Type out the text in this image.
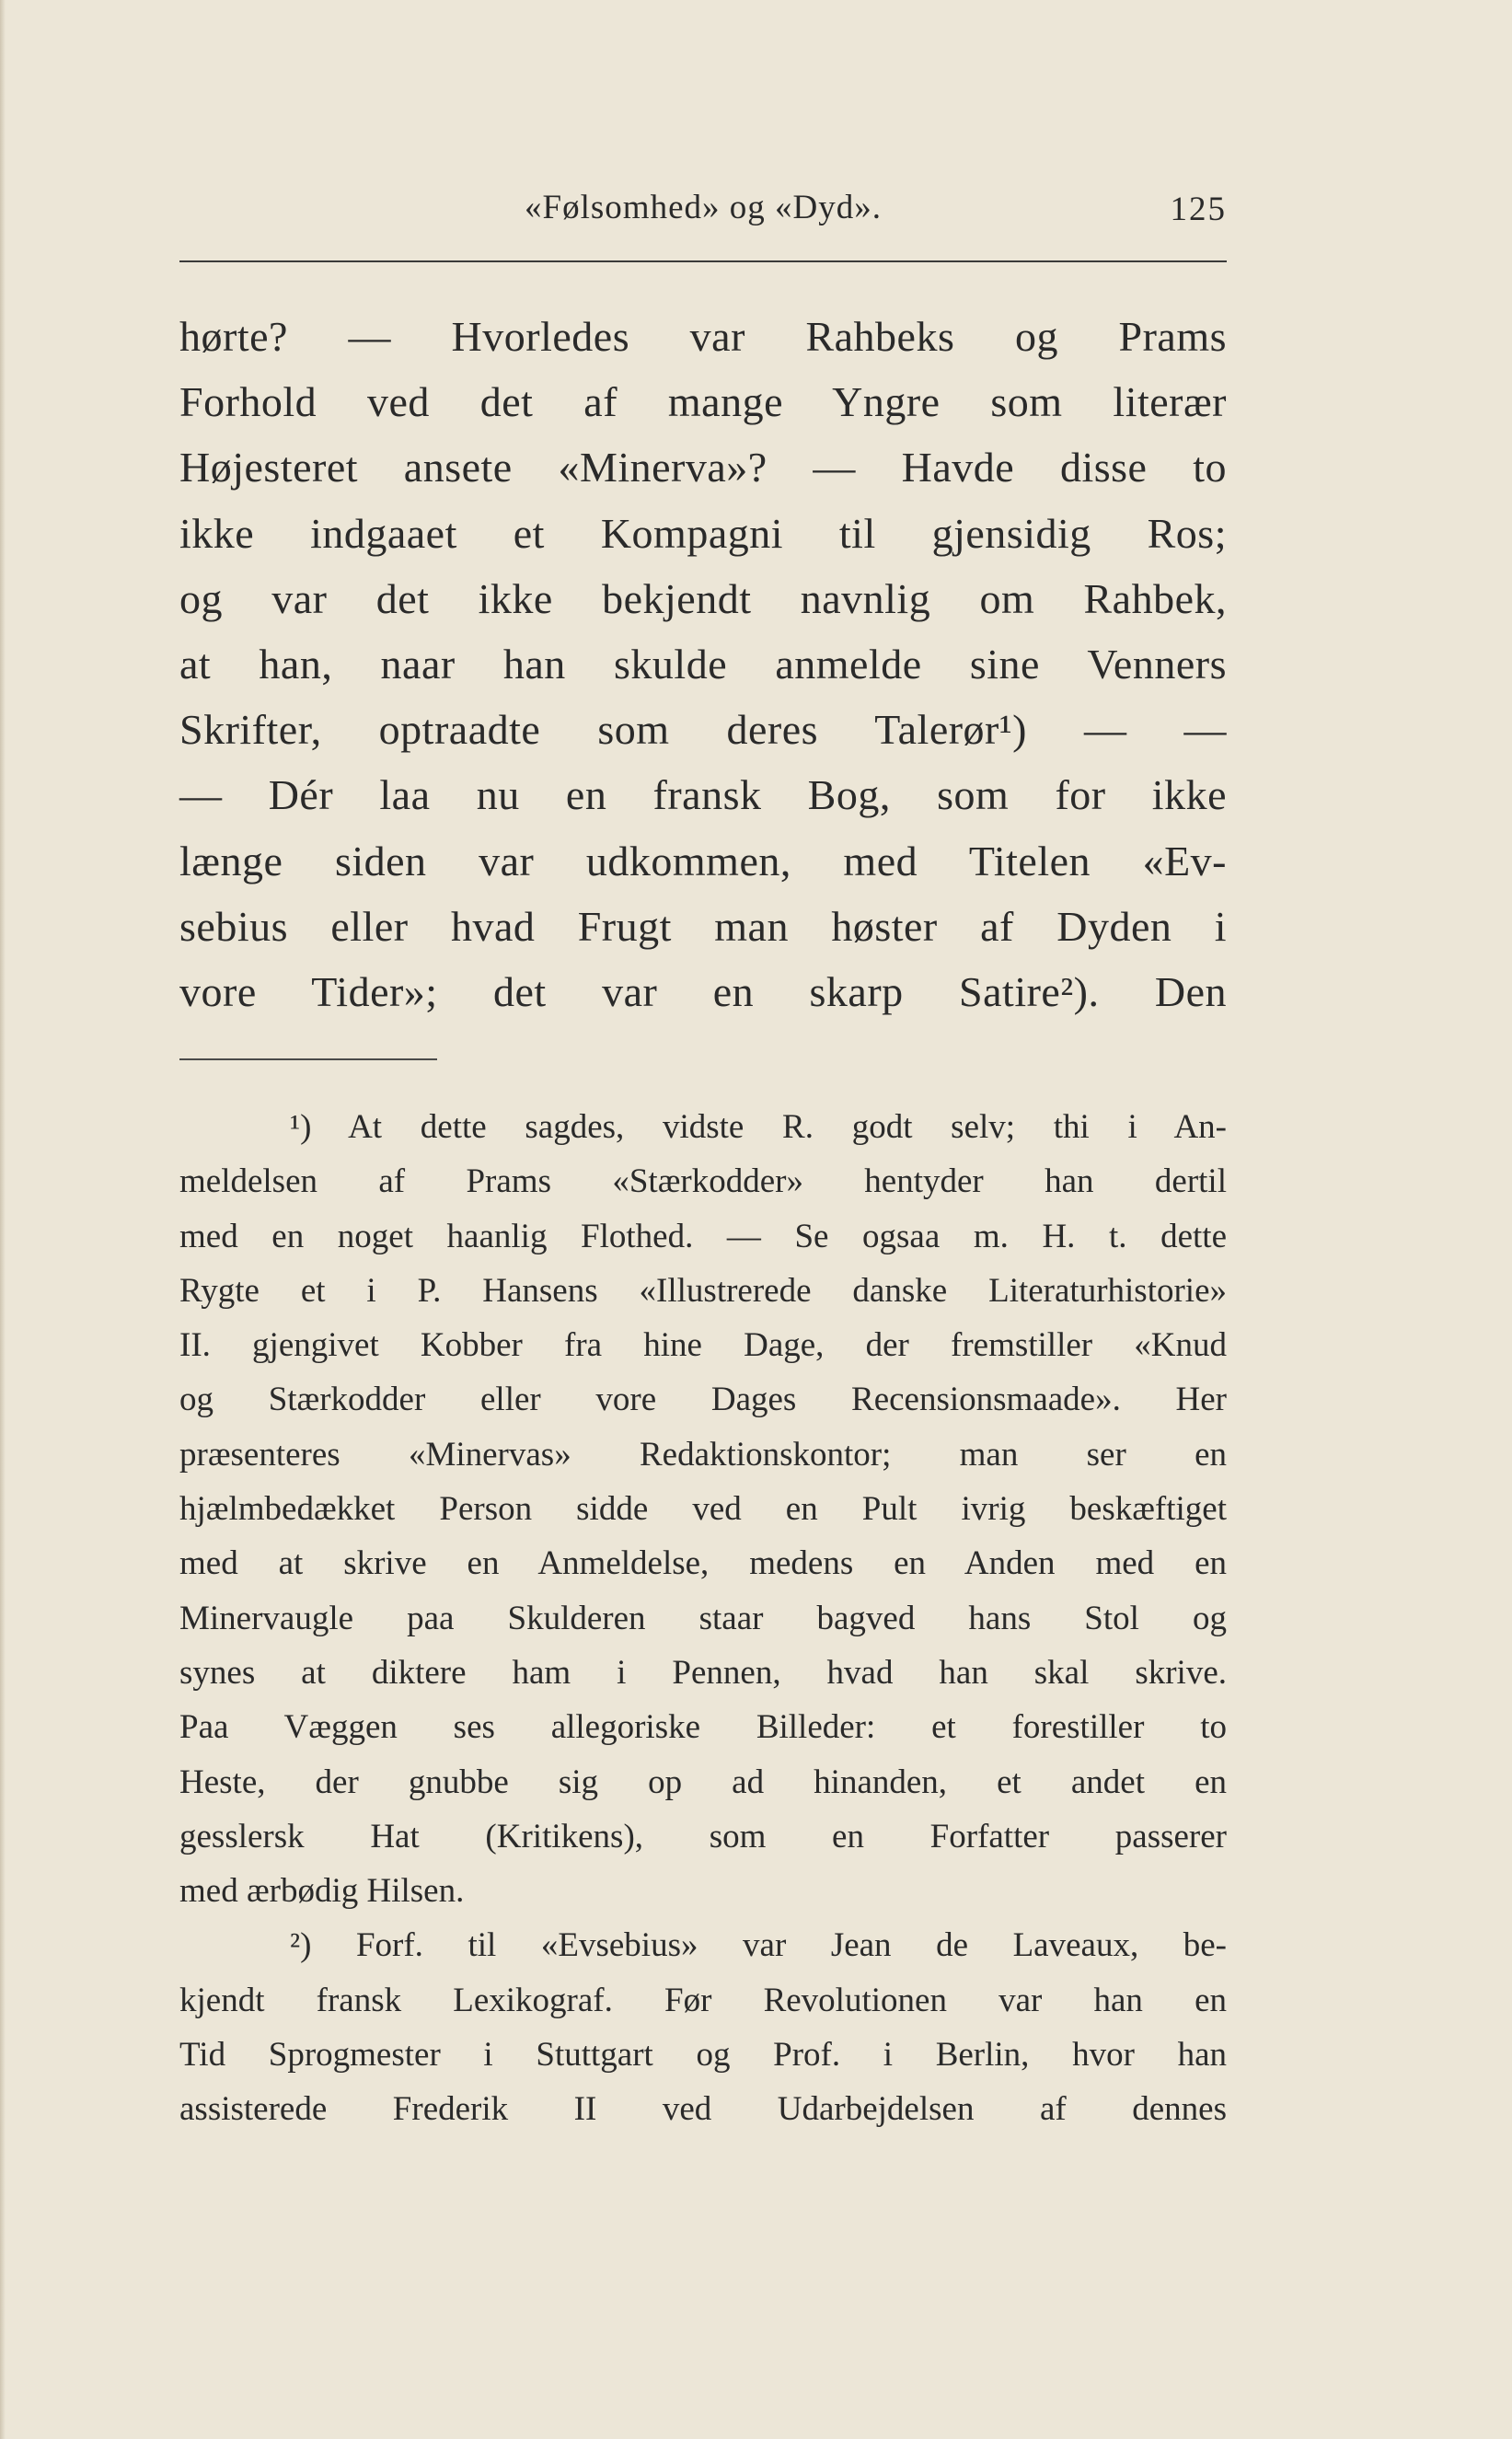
«Følsomhed» og «Dyd».	125
hørte? — Hvorledes var Rahbeks og Prams
Forhold ved det af mange Yngre som literær
Højesteret ansete «Minerva»? — Havde disse to
ikke indgaaet et Kompagni til gjensidig Ros;
og var det ikke bekjendt navnlig om Rahbek,
at han, naar han skulde anmelde sine Venners
Skrifter, optraadte som deres Talerør¹) — —
— Dér laa nu en fransk Bog, som for ikke
længe siden var udkommen, med Titelen «Ev-
sebius eller hvad Frugt man høster af Dyden i
vore Tider»; det var en skarp Satire²). Den
¹) At dette sagdes, vidste R. godt selv; thi i An-
meldelsen af Prams «Stærkodder» hentyder han dertil
med en noget haanlig Flothed. — Se ogsaa m. H. t. dette
Rygte et i P. Hansens «Illustrerede danske Literaturhistorie»
II. gjengivet Kobber fra hine Dage, der fremstiller «Knud
og Stærkodder eller vore Dages Recensionsmaade». Her
præsenteres «Minervas» Redaktionskontor; man ser en
hjælmbedækket Person sidde ved en Pult ivrig beskæftiget
med at skrive en Anmeldelse, medens en Anden med en
Minervaugle paa Skulderen staar bagved hans Stol og
synes at diktere ham i Pennen, hvad han skal skrive.
Paa Væggen ses allegoriske Billeder: et forestiller to
Heste, der gnubbe sig op ad hinanden, et andet en
gesslersk Hat (Kritikens), som en Forfatter passerer
med ærbødig Hilsen.
²) Forf. til «Evsebius» var Jean de Laveaux, be-
kjendt fransk Lexikograf. Før Revolutionen var han en
Tid Sprogmester i Stuttgart og Prof. i Berlin, hvor han
assisterede Frederik II ved Udarbejdelsen af dennes
